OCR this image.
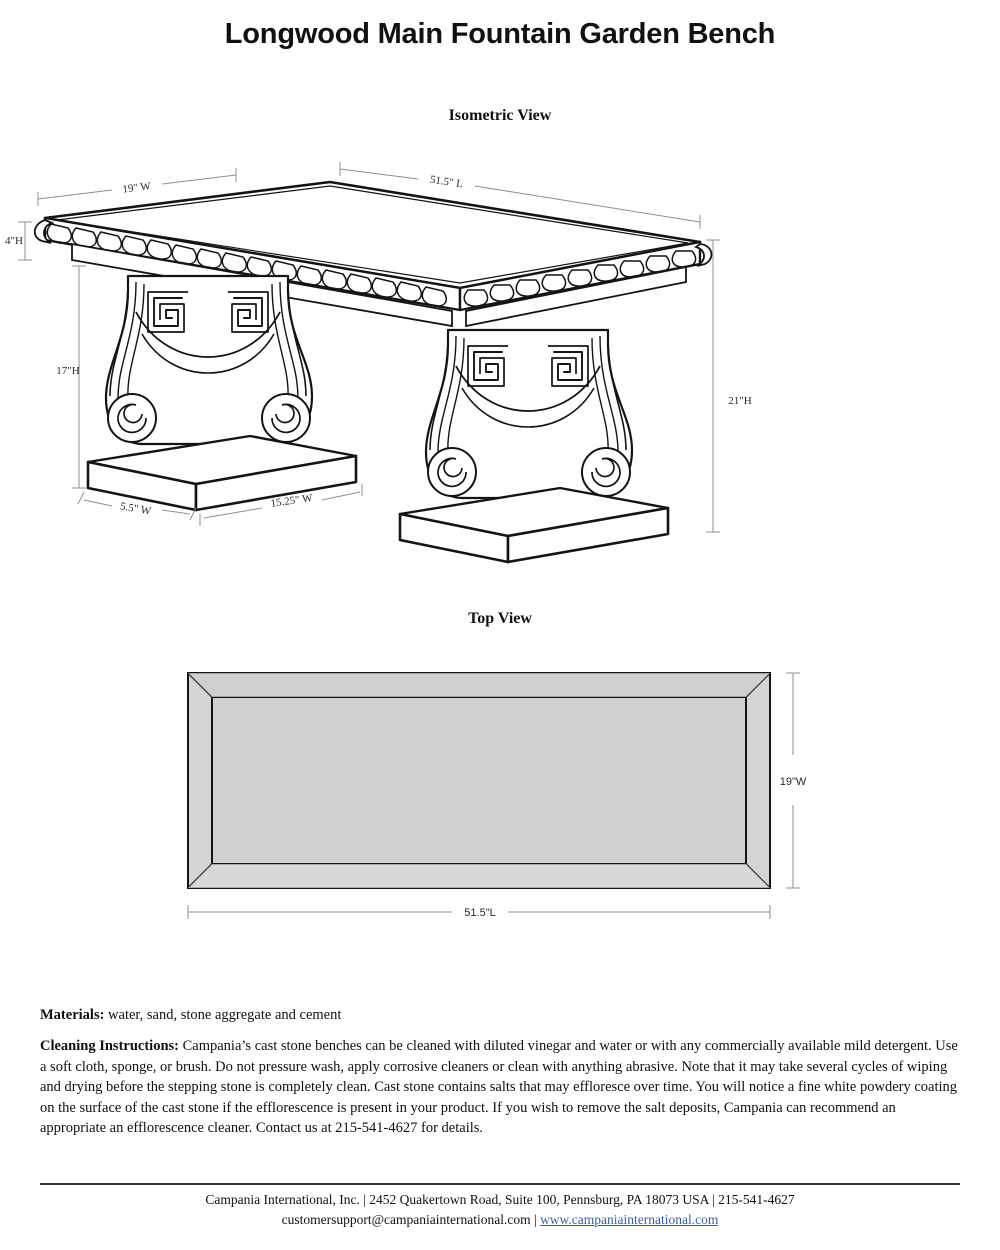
Longwood Main Fountain Garden Bench
Isometric View
19" W	51.5" L
4"H
17"H
21"H
5.5" W	15.25" W
Top View
19"W
51.5"L
Materials: water, sand, stone aggregate and cement
Cleaning Instructions: Campania’s cast stone benches can be cleaned with diluted vinegar and water or with any commercially available mild detergent. Use a soft cloth, sponge, or brush. Do not pressure wash, apply corrosive cleaners or clean with anything abrasive. Note that it may take several cycles of wiping and drying before the stepping stone is completely clean. Cast stone contains salts that may effloresce over time. You will notice a fine white powdery coating on the surface of the cast stone if the efflorescence is present in your product. If you wish to remove the salt deposits, Campania can recommend an appropriate an efflorescence cleaner. Contact us at 215-541-4627 for details.
Campania International, Inc. | 2452 Quakertown Road, Suite 100, Pennsburg, PA 18073 USA | 215-541-4627
customersupport@campaniainternational.com | www.campaniainternational.com
